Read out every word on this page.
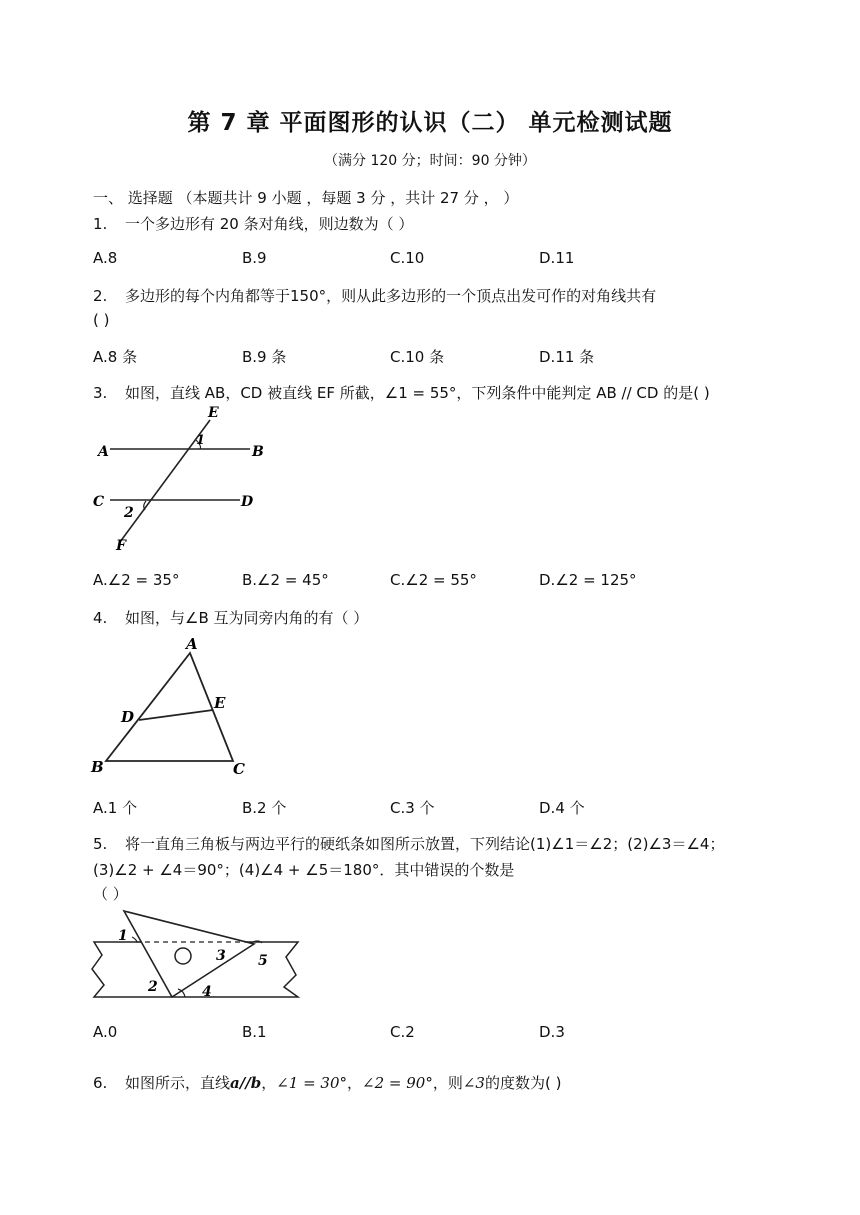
第 7 章 平面图形的认识（二） 单元检测试题
（满分 120 分；时间：90 分钟）
一、 选择题 （本题共计 9 小题 ，每题 3 分 ，共计 27 分 ， ）
1. 一个多边形有 20 条对角线，则边数为（ ）
A.8	B.9	C.10	D.11
2. 多边形的每个内角都等于150°，则从此多边形的一个顶点出发可作的对角线共有
( )
A.8 条	B.9 条	C.10 条	D.11 条
3. 如图，直线 AB，CD 被直线 EF 所截，∠1 = 55°，下列条件中能判定 AB // CD 的是( )
E
1
A	B
C	D
2
F
A.∠2 = 35°	B.∠2 = 45°	C.∠2 = 55°	D.∠2 = 125°
4. 如图，与∠B 互为同旁内角的有（ ）
A
D
E
B	C
A.1 个	B.2 个	C.3 个	D.4 个
5. 将一直角三角板与两边平行的硬纸条如图所示放置，下列结论(1)∠1＝∠2；(2)∠3＝∠4；
(3)∠2 + ∠4＝90°；(4)∠4 + ∠5＝180°．其中错误的个数是
（ ）
1
3 5
2	4
A.0	B.1	C.2	D.3
6. 如图所示，直线a//b，∠1 = 30°，∠2 = 90°，则∠3的度数为( )
